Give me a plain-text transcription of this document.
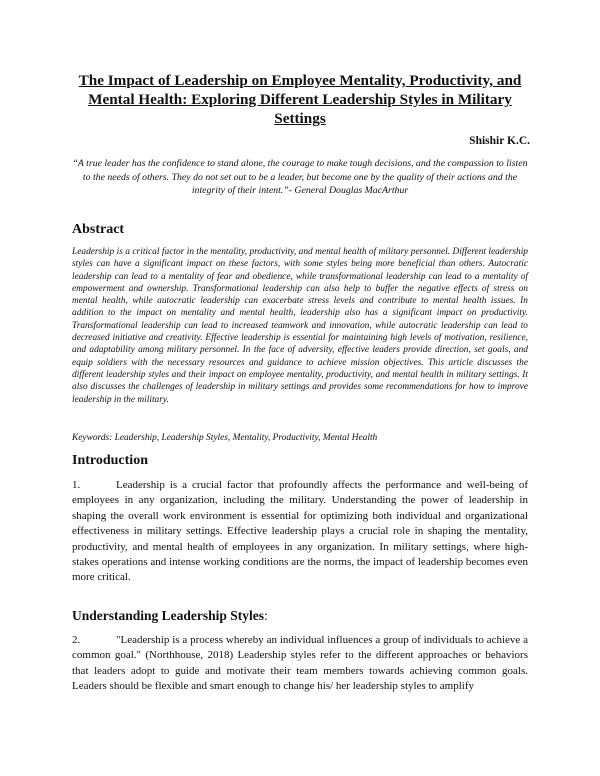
The Impact of Leadership on Employee Mentality, Productivity, and Mental Health: Exploring Different Leadership Styles in Military Settings

Shishir K.C.

“A true leader has the confidence to stand alone, the courage to make tough decisions, and the compassion to listen to the needs of others. They do not set out to be a leader, but become one by the quality of their actions and the integrity of their intent.”- General Douglas MacArthur

Abstract

Leadership is a critical factor in the mentality, productivity, and mental health of military personnel. Different leadership styles can have a significant impact on these factors, with some styles being more beneficial than others. Autocratic leadership can lead to a mentality of fear and obedience, while transformational leadership can lead to a mentality of empowerment and ownership. Transformational leadership can also help to buffer the negative effects of stress on mental health, while autocratic leadership can exacerbate stress levels and contribute to mental health issues. In addition to the impact on mentality and mental health, leadership also has a significant impact on productivity. Transformational leadership can lead to increased teamwork and innovation, while autocratic leadership can lead to decreased initiative and creativity. Effective leadership is essential for maintaining high levels of motivation, resilience, and adaptability among military personnel. In the face of adversity, effective leaders provide direction, set goals, and equip soldiers with the necessary resources and guidance to achieve mission objectives. This article discusses the different leadership styles and their impact on employee mentality, productivity, and mental health in military settings. It also discusses the challenges of leadership in military settings and provides some recommendations for how to improve leadership in the military.

Keywords: Leadership, Leadership Styles, Mentality, Productivity, Mental Health

Introduction

1.	Leadership is a crucial factor that profoundly affects the performance and well-being of employees in any organization, including the military. Understanding the power of leadership in shaping the overall work environment is essential for optimizing both individual and organizational effectiveness in military settings. Effective leadership plays a crucial role in shaping the mentality, productivity, and mental health of employees in any organization. In military settings, where high-stakes operations and intense working conditions are the norms, the impact of leadership becomes even more critical.

Understanding Leadership Styles:

2.	"Leadership is a process whereby an individual influences a group of individuals to achieve a common goal." (Northhouse, 2018) Leadership styles refer to the different approaches or behaviors that leaders adopt to guide and motivate their team members towards achieving common goals. Leaders should be flexible and smart enough to change his/ her leadership styles to amplify
